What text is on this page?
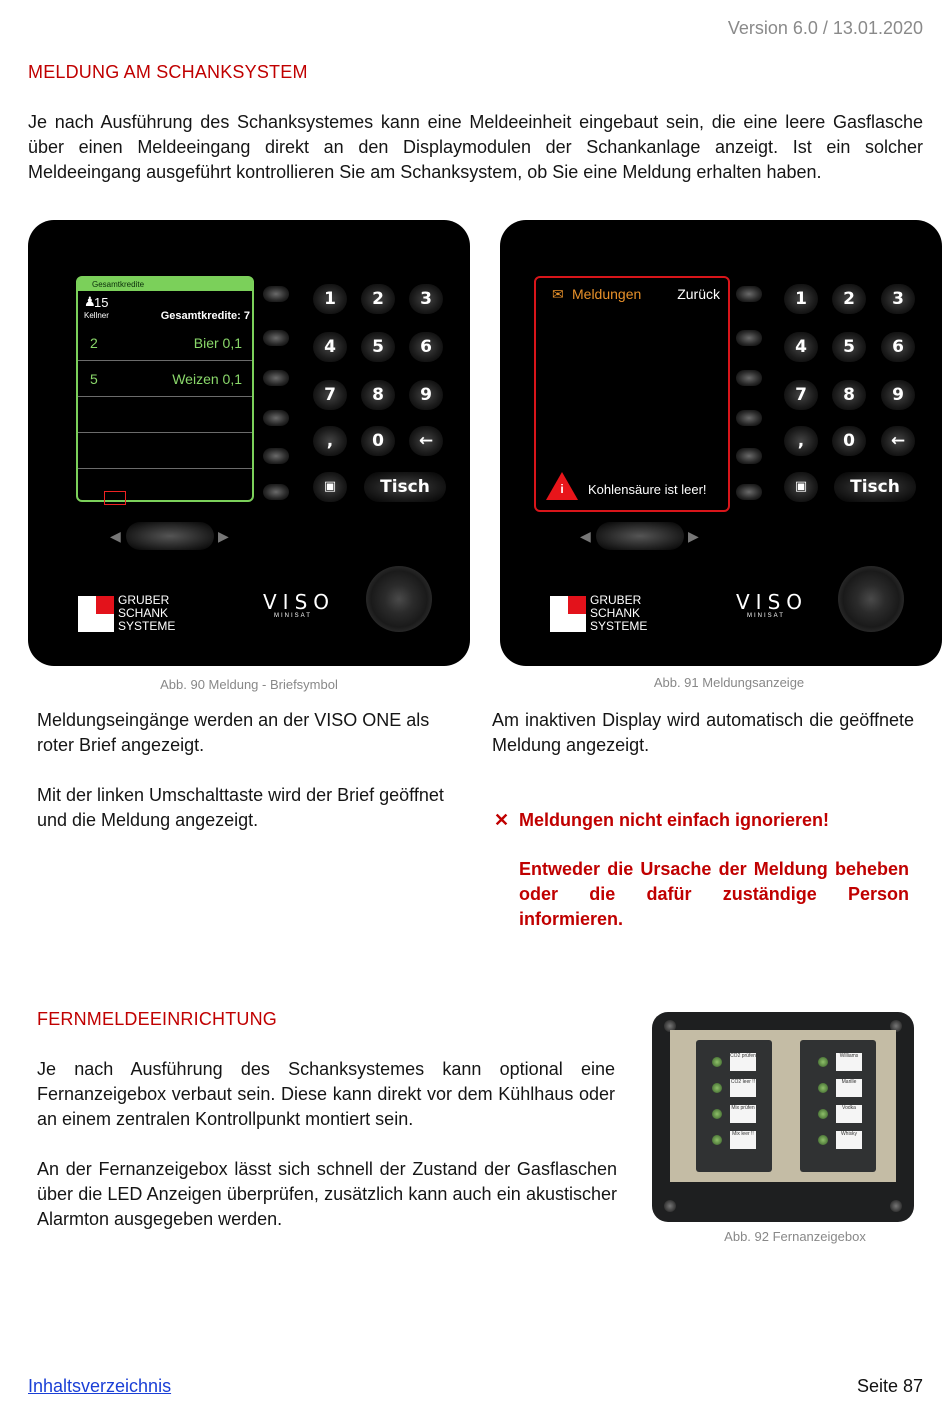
Version 6.0 / 13.01.2020
MELDUNG AM SCHANKSYSTEM
Je nach Ausführung des Schanksystemes kann eine Meldeeinheit eingebaut sein, die eine leere Gasflasche über einen Meldeeingang direkt an den Displaymodulen der Schankanlage anzeigt. Ist ein solcher Meldeeingang ausgeführt kontrollieren Sie am Schanksystem, ob Sie eine Meldung erhalten haben.
Gesamtkredite
♟
15
Kellner	Gesamtkredite: 7
2	Bier 0,1
5	Weizen 0,1
1	2	3
4	5	6
7	8	9
,	0	←
▣	Tisch
◀	▶
GRUBER
SCHANK
SYSTEME
VISO
MINISAT
✉ Meldungen	Zurück
i	Kohlensäure ist leer!
1	2	3
4	5	6
7	8	9
,	0	←
▣	Tisch
◀	▶
GRUBER
SCHANK
SYSTEME
VISO
MINISAT
Abb. 90 Meldung - Briefsymbol	Abb. 91 Meldungsanzeige
Meldungseingänge werden an der VISO ONE als roter Brief angezeigt.
Mit der linken Umschalttaste wird der Brief geöffnet und die Meldung angezeigt.
Am inaktiven Display wird automatisch die geöffnete Meldung angezeigt.
✕ Meldungen nicht einfach ignorieren!
Entweder die Ursache der Meldung beheben oder die dafür zuständige Person informieren.
FERNMELDEEINRICHTUNG
Je nach Ausführung des Schanksystemes kann optional eine Fernanzeigebox verbaut sein. Diese kann direkt vor dem Kühlhaus oder an einem zentralen Kontrollpunkt montiert sein.
An der Fernanzeigebox lässt sich schnell der Zustand der Gasflaschen über die LED Anzeigen überprüfen, zusätzlich kann auch ein akustischer Alarmton ausgegeben werden.
CO2 prüfen
CO2 leer !!
Mix prüfen
Mix leer !!
Williams
Marille
Vodka
Whisky
Abb. 92 Fernanzeigebox
Inhaltsverzeichnis	Seite 87
